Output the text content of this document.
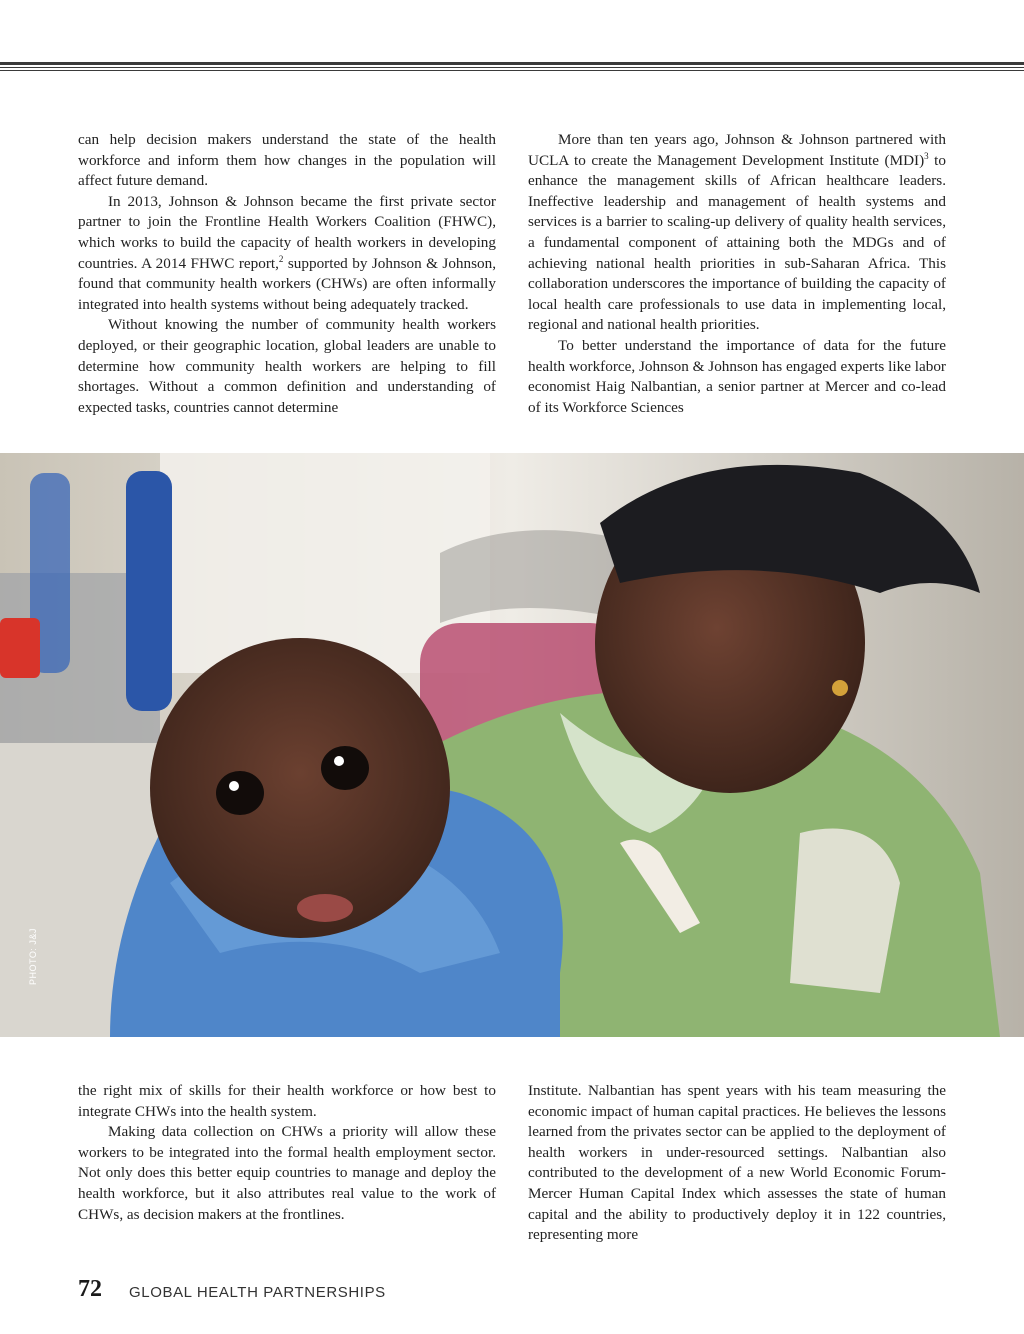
can help decision makers understand the state of the health workforce and inform them how changes in the population will affect future demand.

In 2013, Johnson & Johnson became the first private sector partner to join the Frontline Health Workers Coalition (FHWC), which works to build the capacity of health workers in developing countries. A 2014 FHWC report,$^2$ supported by Johnson & Johnson, found that community health workers (CHWs) are often informally integrated into health systems without being adequately tracked.

Without knowing the number of community health workers deployed, or their geographic location, global leaders are unable to determine how community health workers are helping to fill shortages. Without a common definition and understanding of expected tasks, countries cannot determine

More than ten years ago, Johnson & Johnson partnered with UCLA to create the Management Development Institute (MDI)$^3$ to enhance the management skills of African healthcare leaders. Ineffective leadership and management of health systems and services is a barrier to scaling-up delivery of quality health services, a fundamental component of attaining both the MDGs and of achieving national health priorities in sub-Saharan Africa. This collaboration underscores the importance of building the capacity of local health care professionals to use data in implementing local, regional and national health priorities.

To better understand the importance of data for the future health workforce, Johnson & Johnson has engaged experts like labor economist Haig Nalbantian, a senior partner at Mercer and co-lead of its Workforce Sciences

PHOTO: J&J

the right mix of skills for their health workforce or how best to integrate CHWs into the health system.

Making data collection on CHWs a priority will allow these workers to be integrated into the formal health employment sector. Not only does this better equip countries to manage and deploy the health workforce, but it also attributes real value to the work of CHWs, as decision makers at the frontlines.

Institute. Nalbantian has spent years with his team measuring the economic impact of human capital practices. He believes the lessons learned from the privates sector can be applied to the deployment of health workers in under-resourced settings. Nalbantian also contributed to the development of a new World Economic Forum-Mercer Human Capital Index which assesses the state of human capital and the ability to productively deploy it in 122 countries, representing more

72 GLOBAL HEALTH PARTNERSHIPS
